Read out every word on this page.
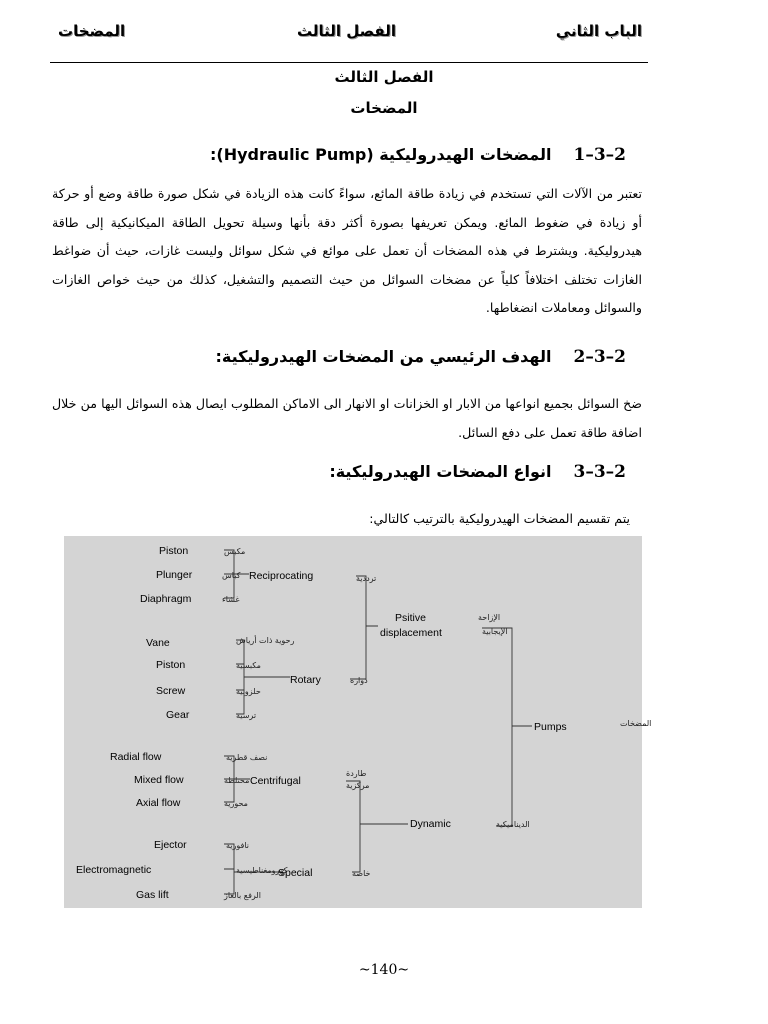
الباب الثاني
الفصل الثالث
المضخات
الفصل الثالث
المضخات
2–3–1المضخات الهيدروليكية (Hydraulic Pump):

تعتبر من الآلات التي تستخدم في زيادة طاقة المائع، سواءً كانت هذه الزيادة في شكل صورة طاقة وضع أو حركة أو زيادة في ضغوط المائع. ويمكن تعريفها بصورة أكثر دقة بأنها وسيلة تحويل الطاقة الميكانيكية إلى طاقة هيدروليكية. ويشترط في هذه المضخات أن تعمل على موائع في شكل سوائل وليست غازات، حيث أن ضواغط الغازات تختلف اختلافاً كلياً عن مضخات السوائل من حيث التصميم والتشغيل، كذلك من حيث خواص الغازات والسوائل ومعاملات انضغاطها.

2–3–2الهدف الرئيسي من المضخات الهيدروليكية:

ضخ السوائل بجميع انواعها من الابار او الخزانات او الانهار الى الاماكن المطلوب ايصال هذه السوائل اليها من خلال اضافة طاقة تعمل على دفع السائل.

2–3–3انواع المضخات الهيدروليكية:

يتم تقسيم المضخات الهيدروليكية بالترتيب كالتالي:

Piston	مكبس
Plunger	كباس
Diaphragm	غشاء
Vane	رحوية ذات أرياش
Piston	مكبسية
Screw	حلزونية
Gear	ترسية
Radial flow	نصف قطرية
Mixed flow	مختلطة
Axial flow	محورية
Ejector	نافورية
Electromagnetic	كهرومغناطيسية
Gas lift	الرفع بالغاز
Reciprocating	ترددية
Rotary	دوارة
Centrifugal
طاردة
مركزية
Special	خاصة
Psitive
displacement
الإزاحة
الإيجابية
Dynamic	الديناميكية
Pumps	المضخات
~140~
